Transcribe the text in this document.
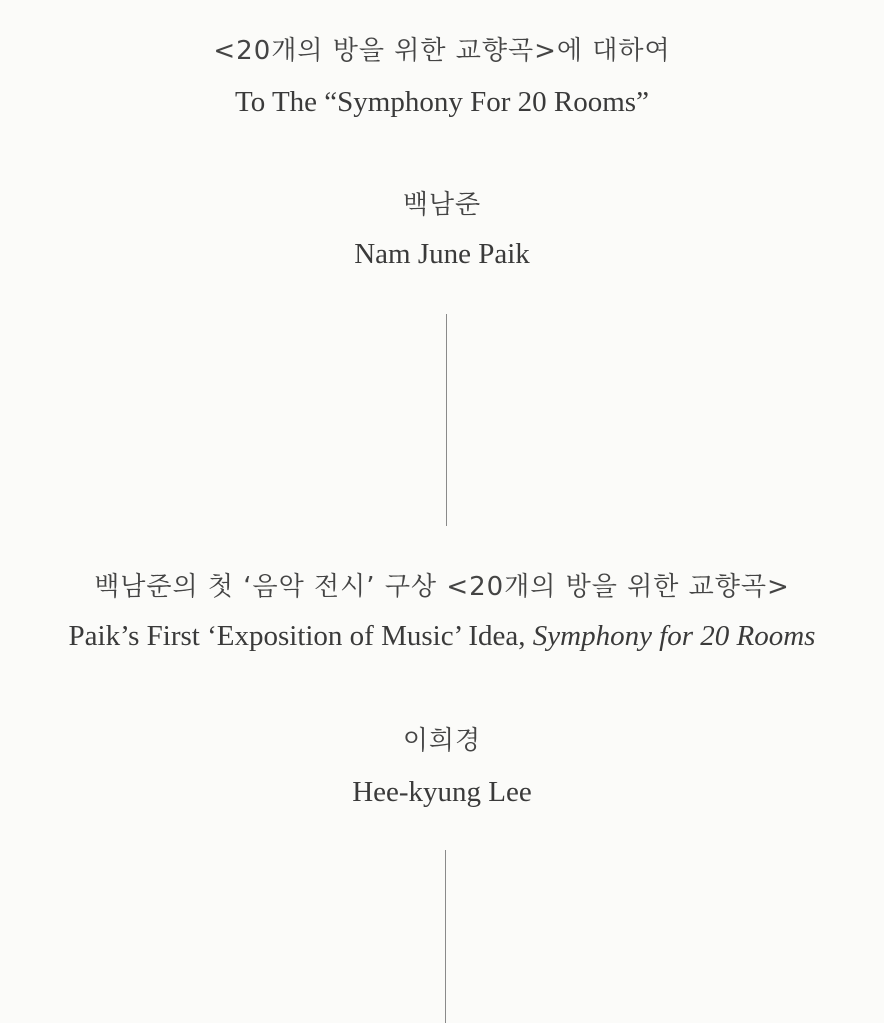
<20개의 방을 위한 교향곡>에 대하여
To The “Symphony For 20 Rooms”
백남준
Nam June Paik
백남준의 첫 ‘음악 전시’ 구상 <20개의 방을 위한 교향곡>
Paik’s First ‘Exposition of Music’ Idea, Symphony for 20 Rooms
이희경
Hee-kyung Lee
